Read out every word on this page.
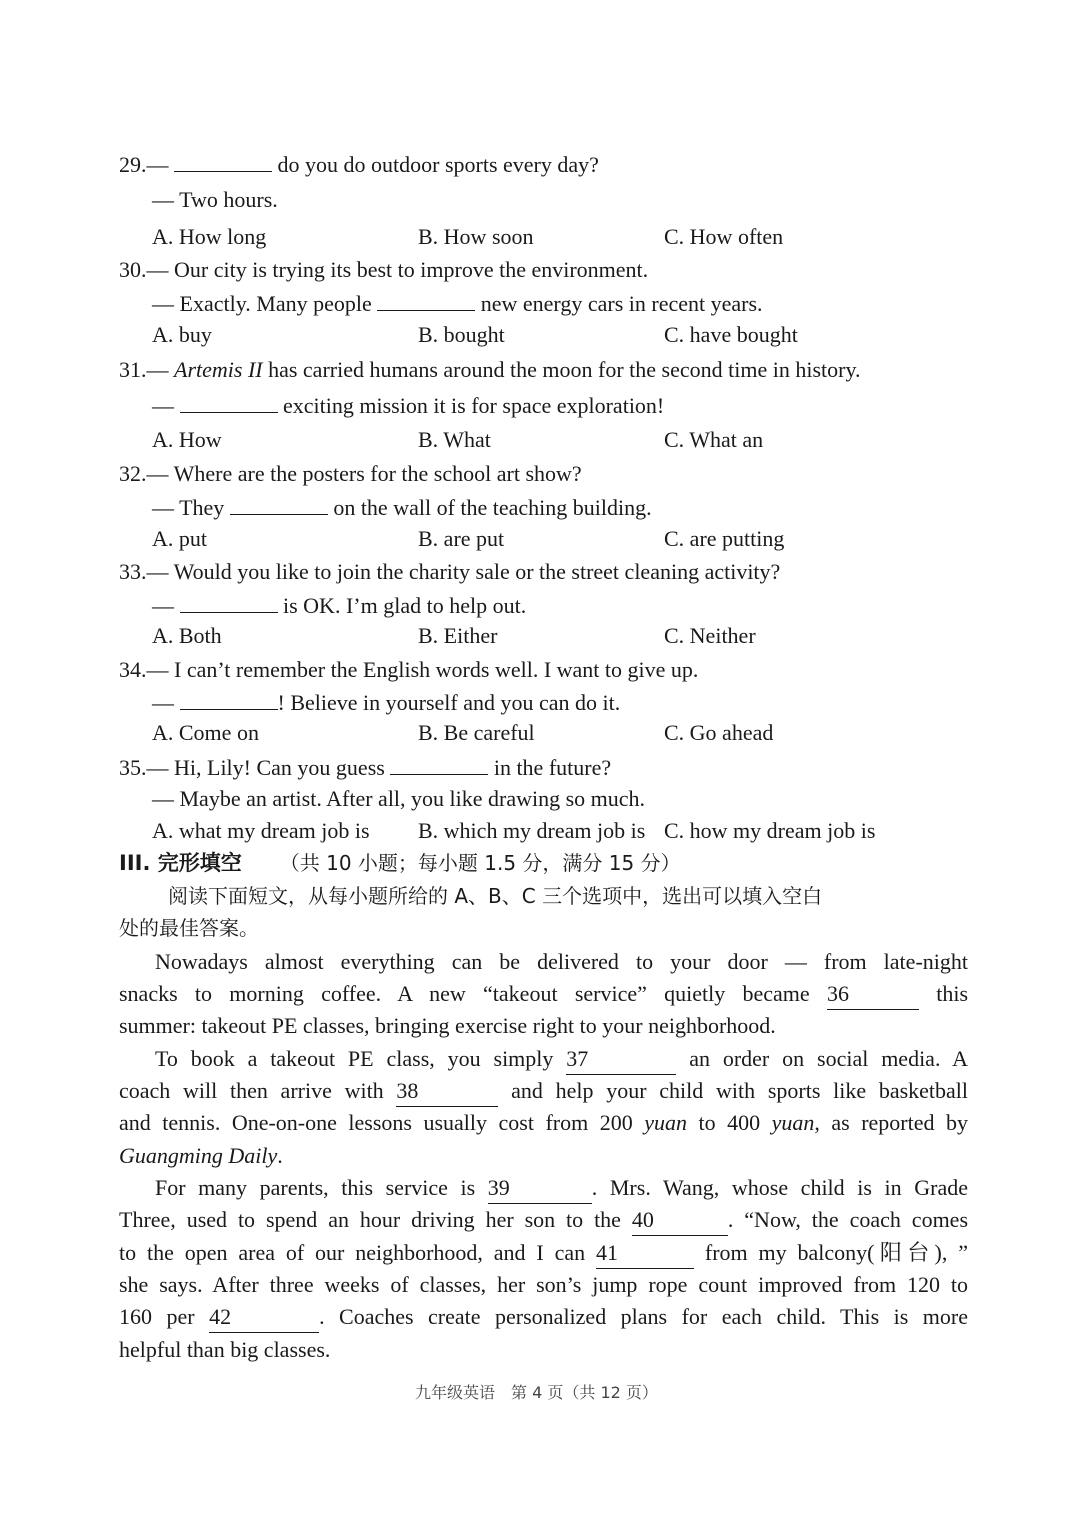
29.—	do you do outdoor sports every day?
— Two hours.
A. How long	B. How soon	C. How often
30.— Our city is trying its best to improve the environment.
— Exactly. Many people	new energy cars in recent years.
A. buy	B. bought	C. have bought
31.— Artemis II has carried humans around the moon for the second time in history.
—	exciting mission it is for space exploration!
A. How	B. What	C. What an
32.— Where are the posters for the school art show?
— They	on the wall of the teaching building.
A. put	B. are put	C. are putting
33.— Would you like to join the charity sale or the street cleaning activity?
—	is OK. I’m glad to help out.
A. Both	B. Either	C. Neither
34.— I can’t remember the English words well. I want to give up.
—	! Believe in yourself and you can do it.
A. Come on	B. Be careful	C. Go ahead
35.— Hi, Lily! Can you guess	in the future?
— Maybe an artist. After all, you like drawing so much.
A. what my dream job is B. which my dream job is C. how my dream job is
III. 完形填空 （共 10 小题；每小题 1.5 分，满分 15 分）
阅读下面短文，从每小题所给的 A、B、C 三个选项中，选出可以填入空白
处的最佳答案。
Nowadays almost everything can be delivered to your door — from late-night
snacks to morning coffee. A new “takeout service” quietly became 36	this
summer: takeout PE classes, bringing exercise right to your neighborhood.
To book a takeout PE class, you simply 37	an order on social media. A
coach will then arrive with 38	and help your child with sports like basketball
and tennis. One-on-one lessons usually cost from 200 yuan to 400 yuan, as reported by
Guangming Daily.
For many parents, this service is 39	. Mrs. Wang, whose child is in Grade
Three, used to spend an hour driving her son to the 40	. “Now, the coach comes
to the open area of our neighborhood, and I can 41	from my balcony(阳台), ”
she says. After three weeks of classes, her son’s jump rope count improved from 120 to
160 per 42	. Coaches create personalized plans for each child. This is more
helpful than big classes.
九年级英语　第 4 页（共 12 页）
